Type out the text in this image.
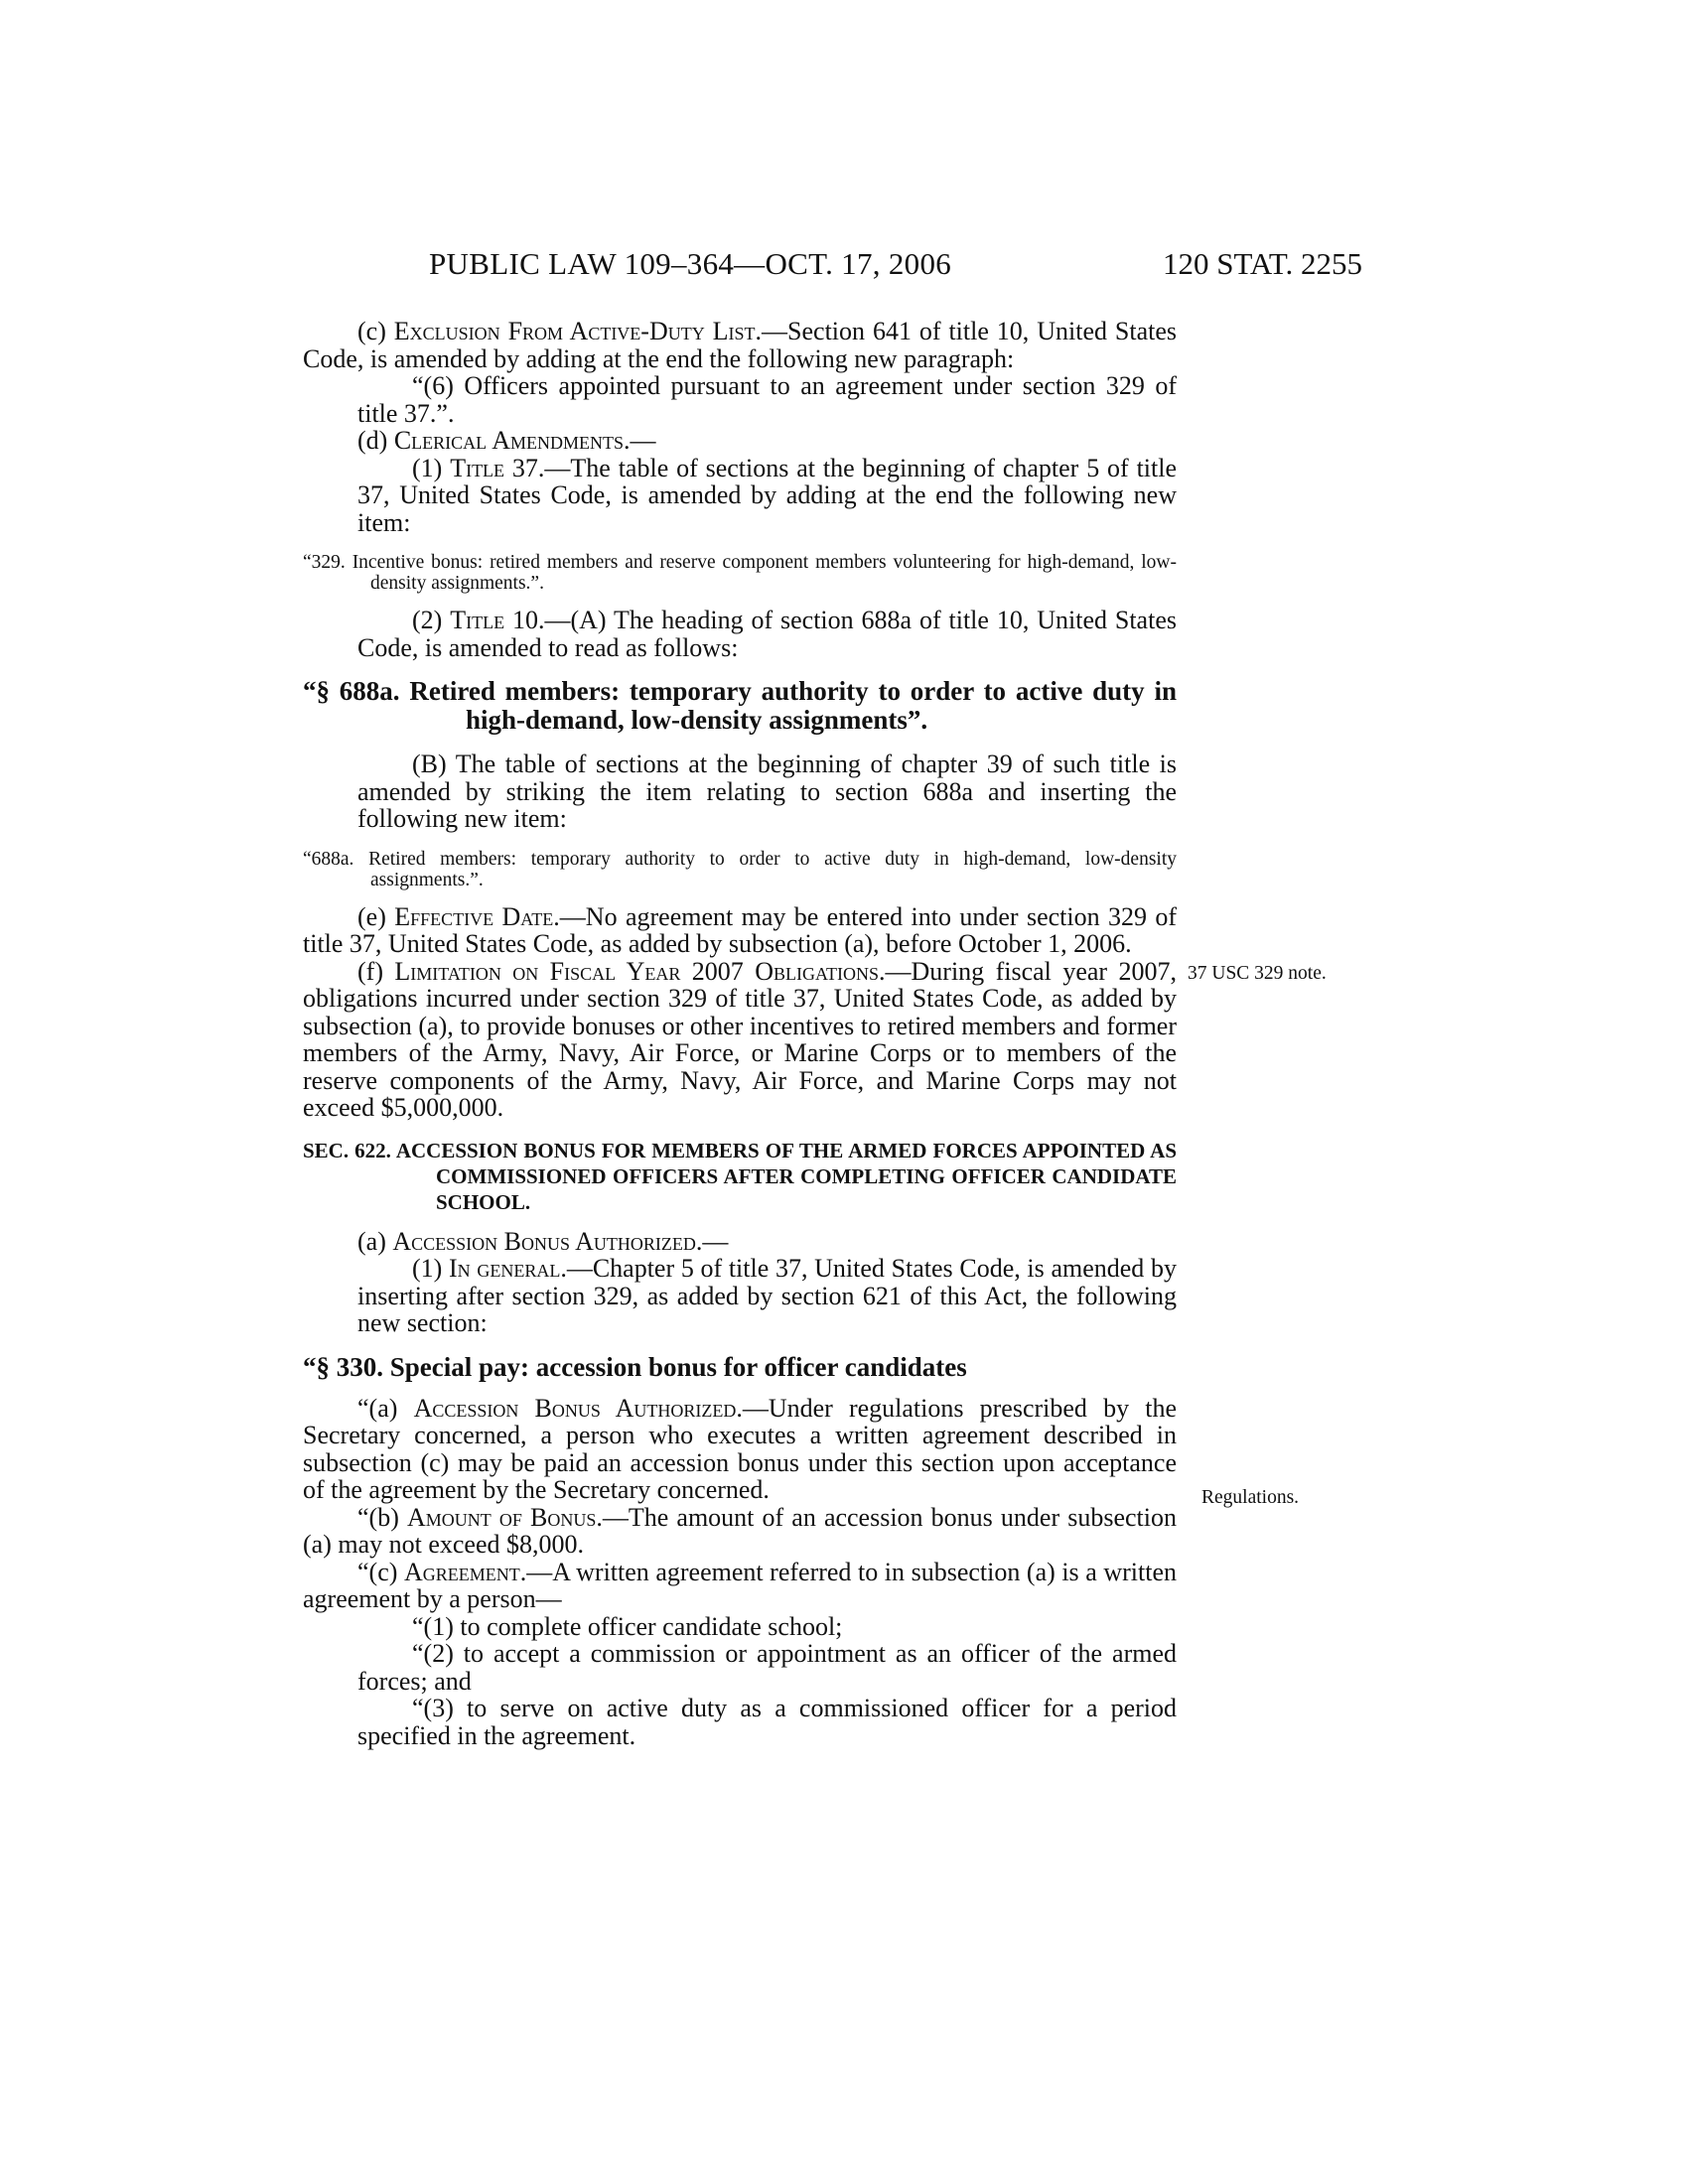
PUBLIC LAW 109–364—OCT. 17, 2006	120 STAT. 2255
37 USC 329 note.
Regulations.

(c) Exclusion From Active-Duty List.—Section 641 of title 10, United States Code, is amended by adding at the end the following new paragraph:

“(6) Officers appointed pursuant to an agreement under section 329 of title 37.”.

(d) Clerical Amendments.—

(1) Title 37.—The table of sections at the beginning of chapter 5 of title 37, United States Code, is amended by adding at the end the following new item:

“329. Incentive bonus: retired members and reserve component members volunteering for high-demand, low-density assignments.”.

(2) Title 10.—(A) The heading of section 688a of title 10, United States Code, is amended to read as follows:

“§ 688a. Retired members: temporary authority to order to active duty in high-demand, low-density assignments”.

(B) The table of sections at the beginning of chapter 39 of such title is amended by striking the item relating to section 688a and inserting the following new item:

“688a. Retired members: temporary authority to order to active duty in high-demand, low-density assignments.”.

(e) Effective Date.—No agreement may be entered into under section 329 of title 37, United States Code, as added by subsection (a), before October 1, 2006.

(f) Limitation on Fiscal Year 2007 Obligations.—During fiscal year 2007, obligations incurred under section 329 of title 37, United States Code, as added by subsection (a), to provide bonuses or other incentives to retired members and former members of the Army, Navy, Air Force, or Marine Corps or to members of the reserve components of the Army, Navy, Air Force, and Marine Corps may not exceed $5,000,000.

SEC. 622. ACCESSION BONUS FOR MEMBERS OF THE ARMED FORCES APPOINTED AS COMMISSIONED OFFICERS AFTER COMPLETING OFFICER CANDIDATE SCHOOL.

(a) Accession Bonus Authorized.—

(1) In general.—Chapter 5 of title 37, United States Code, is amended by inserting after section 329, as added by section 621 of this Act, the following new section:

“§ 330. Special pay: accession bonus for officer candidates

“(a) Accession Bonus Authorized.—Under regulations prescribed by the Secretary concerned, a person who executes a written agreement described in subsection (c) may be paid an accession bonus under this section upon acceptance of the agreement by the Secretary concerned.

“(b) Amount of Bonus.—The amount of an accession bonus under subsection (a) may not exceed $8,000.

“(c) Agreement.—A written agreement referred to in subsection (a) is a written agreement by a person—

“(1) to complete officer candidate school;

“(2) to accept a commission or appointment as an officer of the armed forces; and

“(3) to serve on active duty as a commissioned officer for a period specified in the agreement.
